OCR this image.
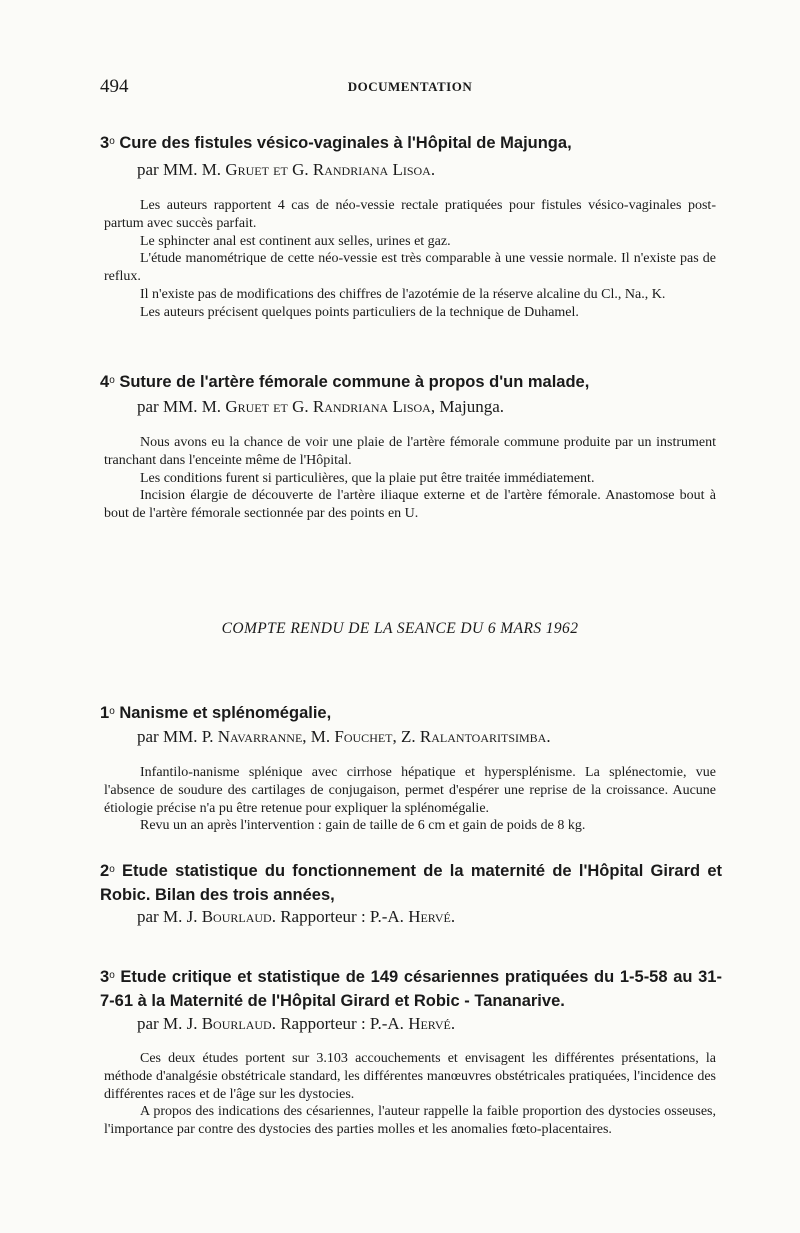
494	DOCUMENTATION
3$^o$ Cure des fistules vésico-vaginales à l'Hôpital de Majunga,
par MM. M. Gruet et G. Randriana Lisoa.

Les auteurs rapportent 4 cas de néo-vessie rectale pratiquées pour fistules vésico-vaginales post-partum avec succès parfait.

Le sphincter anal est continent aux selles, urines et gaz.

L'étude manométrique de cette néo-vessie est très comparable à une vessie normale. Il n'existe pas de reflux.

Il n'existe pas de modifications des chiffres de l'azotémie de la réserve alcaline du Cl., Na., K.

Les auteurs précisent quelques points particuliers de la technique de Duhamel.

4$^o$ Suture de l'artère fémorale commune à propos d'un malade,
par MM. M. Gruet et G. Randriana Lisoa, Majunga.

Nous avons eu la chance de voir une plaie de l'artère fémorale commune produite par un instrument tranchant dans l'enceinte même de l'Hôpital.

Les conditions furent si particulières, que la plaie put être traitée immédiatement.

Incision élargie de découverte de l'artère iliaque externe et de l'artère fémorale. Anastomose bout à bout de l'artère fémorale sectionnée par des points en U.

COMPTE RENDU DE LA SEANCE DU 6 MARS 1962
1$^o$ Nanisme et splénomégalie,
par MM. P. Navarranne, M. Fouchet, Z. Ralantoaritsimba.

Infantilo-nanisme splénique avec cirrhose hépatique et hypersplénisme. La splénectomie, vue l'absence de soudure des cartilages de conjugaison, permet d'espérer une reprise de la croissance. Aucune étiologie précise n'a pu être retenue pour expliquer la splénomégalie.

Revu un an après l'intervention : gain de taille de 6 cm et gain de poids de 8 kg.

2$^o$ Etude statistique du fonctionnement de la maternité de l'Hôpital Girard et Robic. Bilan des trois années,
par M. J. Bourlaud. Rapporteur : P.-A. Hervé.
3$^o$ Etude critique et statistique de 149 césariennes pratiquées du 1-5-58 au 31-7-61 à la Maternité de l'Hôpital Girard et Robic - Tananarive.
par M. J. Bourlaud. Rapporteur : P.-A. Hervé.

Ces deux études portent sur 3.103 accouchements et envisagent les différentes présentations, la méthode d'analgésie obstétricale standard, les différentes manœuvres obstétricales pratiquées, l'incidence des différentes races et de l'âge sur les dystocies.

A propos des indications des césariennes, l'auteur rappelle la faible proportion des dystocies osseuses, l'importance par contre des dystocies des parties molles et les anomalies fœto-placentaires.
